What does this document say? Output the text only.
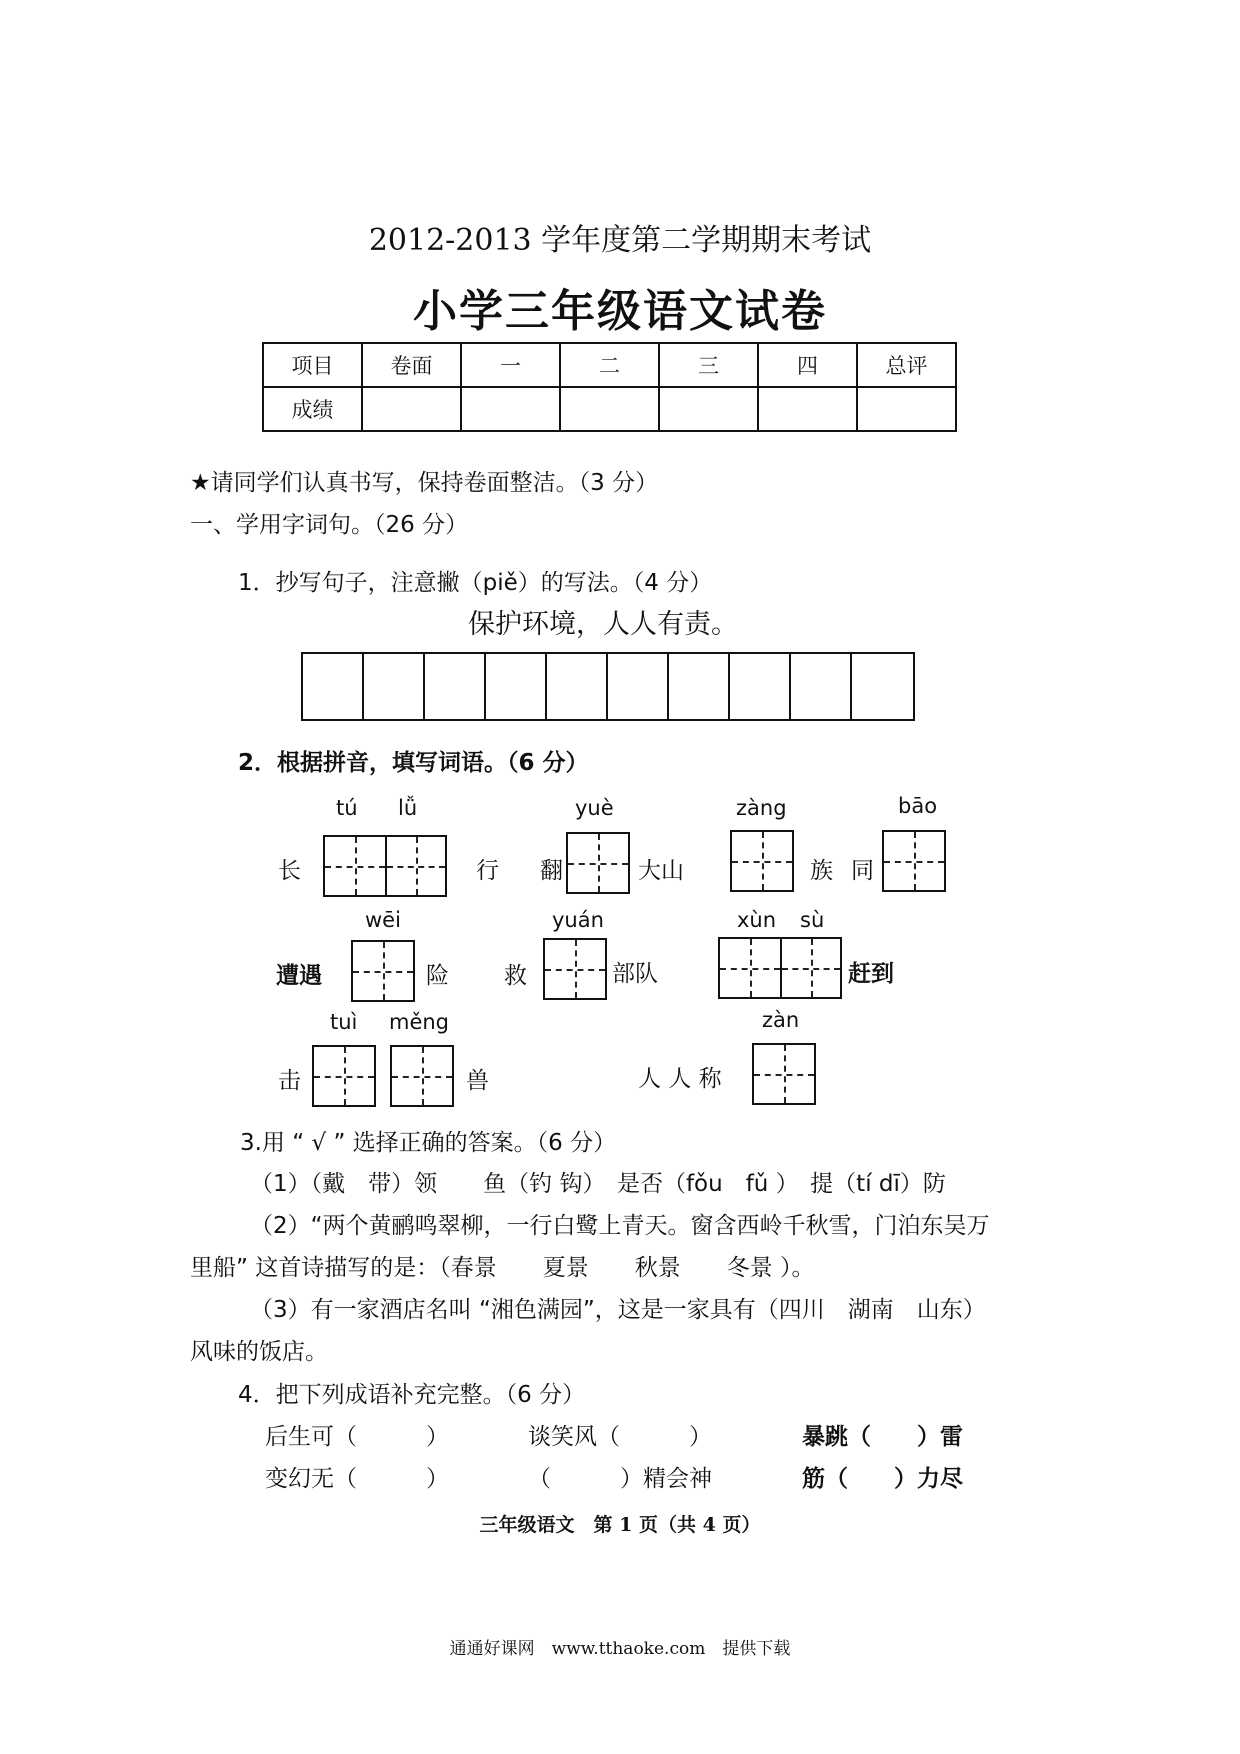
2012-2013 学年度第二学期期末考试
小学三年级语文试卷
项目	卷面	一	二	三	四	总评
成绩						
★请同学们认真书写，保持卷面整洁。（3 分）
一、学用字词句。（26 分）
1．抄写句子，注意撇（piě）的写法。（4 分）
保护环境，人人有责。
2．根据拼音，填写词语。（6 分）
tú lǚ	yuè	zàng	bāo
长	行 翻	大山	族 同
wēi	yuán	xùn sù
遭遇	险 救	部队	赶到
tuì měng	zàn
击	兽	人 人 称
3.用 “ √ ” 选择正确的答案。（6 分）
（1）（戴　带）领　　鱼（钓 钩）　是否（fǒu　fǔ ）　提（tí dī）防
（2）“两个黄鹂鸣翠柳，一行白鹭上青天。窗含西岭千秋雪，门泊东吴万
里船” 这首诗描写的是：（春景　　夏景　　秋景　　冬景 ）。
（3）有一家酒店名叫 “湘色满园”，这是一家具有（四川　湖南　山东）
风味的饭店。
4．把下列成语补充完整。（6 分）
后生可（　　　）	谈笑风（　　　）	暴跳（　　）雷
变幻无（　　　）	（　　　）精会神	筋（　　）力尽
三年级语文　第 1 页（共 4 页）
通通好课网　www.tthaoke.com　提供下载
